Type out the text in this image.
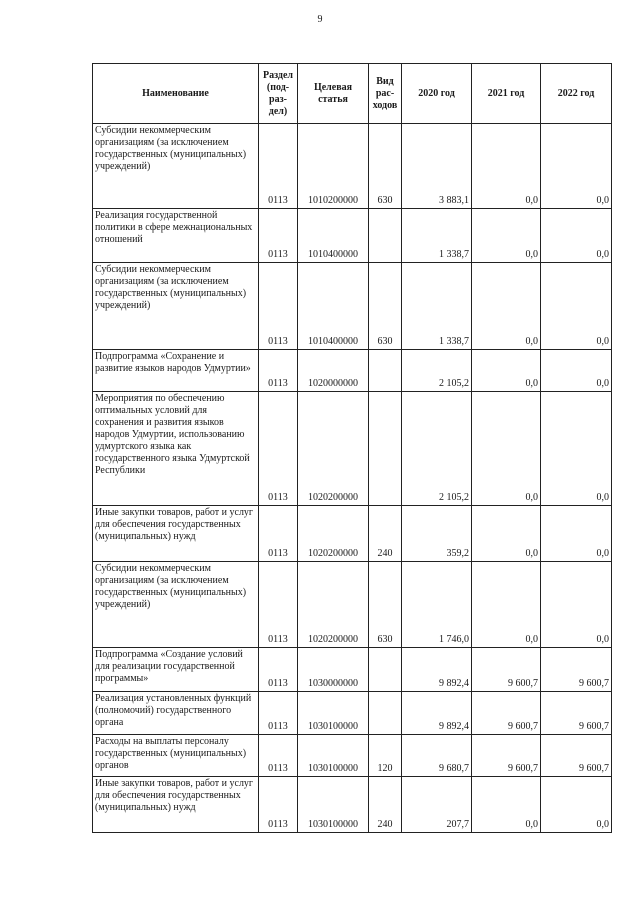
9
Наименование	Раздел (под-раз-дел)	Целевая статья	Вид рас-ходов	2020 год	2021 год	2022 год
Субсидии некоммерческим организациям (за исключением государственных (муниципальных) учреждений)	0113	1010200000	630	3 883,1	0,0	0,0
Реализация государственной политики в сфере межнациональных отношений	0113	1010400000		1 338,7	0,0	0,0
Субсидии некоммерческим организациям (за исключением государственных (муниципальных) учреждений)	0113	1010400000	630	1 338,7	0,0	0,0
Подпрограмма «Сохранение и развитие языков народов Удмуртии»	0113	1020000000		2 105,2	0,0	0,0
Мероприятия по обеспечению оптимальных условий для сохранения и развития языков народов Удмуртии, использованию удмуртского языка как государственного языка Удмуртской Республики	0113	1020200000		2 105,2	0,0	0,0
Иные закупки товаров, работ и услуг для обеспечения государственных (муниципальных) нужд	0113	1020200000	240	359,2	0,0	0,0
Субсидии некоммерческим организациям (за исключением государственных (муниципальных) учреждений)	0113	1020200000	630	1 746,0	0,0	0,0
Подпрограмма «Создание условий для реализации государственной программы»	0113	1030000000		9 892,4	9 600,7	9 600,7
Реализация установленных функций (полномочий) государственного органа	0113	1030100000		9 892,4	9 600,7	9 600,7
Расходы на выплаты персоналу государственных (муниципальных) органов	0113	1030100000	120	9 680,7	9 600,7	9 600,7
Иные закупки товаров, работ и услуг для обеспечения государственных (муниципальных) нужд	0113	1030100000	240	207,7	0,0	0,0
